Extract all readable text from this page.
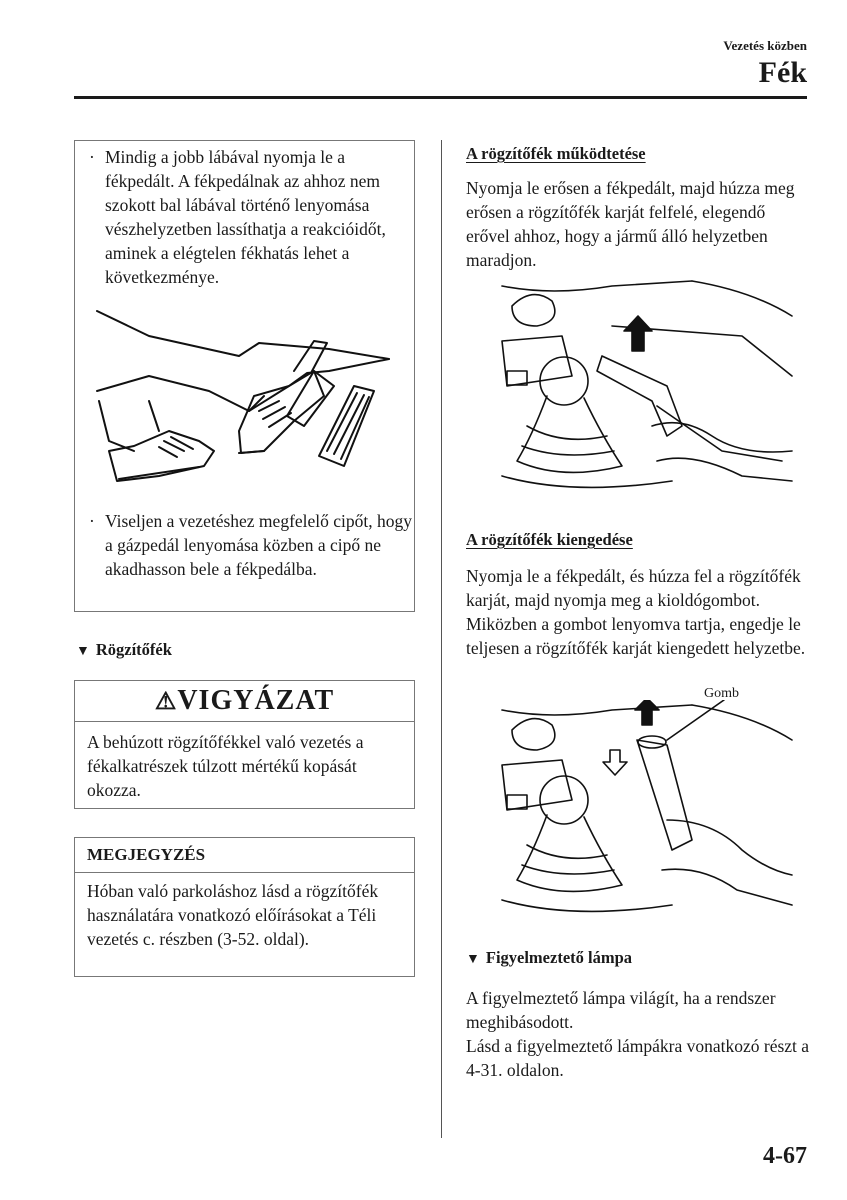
Vezetés közben
Fék
· Mindig a jobb lábával nyomja le a fékpedált. A fékpedálnak az ahhoz nem szokott bal lábával történő lenyomása vészhelyzetben lassíthatja a reakcióidőt, aminek a elégtelen fékhatás lehet a következménye.
· Viseljen a vezetéshez megfelelő cipőt, hogy a gázpedál lenyomása közben a cipő ne akadhasson bele a fékpedálba.
▼ Rögzítőfék
⚠VIGYÁZAT
A behúzott rögzítőfékkel való vezetés a fékalkatrészek túlzott mértékű kopását okozza.
MEGJEGYZÉS
Hóban való parkoláshoz lásd a rögzítőfék használatára vonatkozó előírásokat a Téli vezetés c. részben (3-52. oldal).
A rögzítőfék működtetése
Nyomja le erősen a fékpedált, majd húzza meg erősen a rögzítőfék karját felfelé, elegendő erővel ahhoz, hogy a jármű álló helyzetben maradjon.
A rögzítőfék kiengedése
Nyomja le a fékpedált, és húzza fel a rögzítőfék karját, majd nyomja meg a kioldógombot. Miközben a gombot lenyomva tartja, engedje le teljesen a rögzítőfék karját kiengedett helyzetbe.
Gomb
▼ Figyelmeztető lámpa
A figyelmeztető lámpa világít, ha a rendszer meghibásodott.
Lásd a figyelmeztető lámpákra vonatkozó részt a 4-31. oldalon.
4-67
